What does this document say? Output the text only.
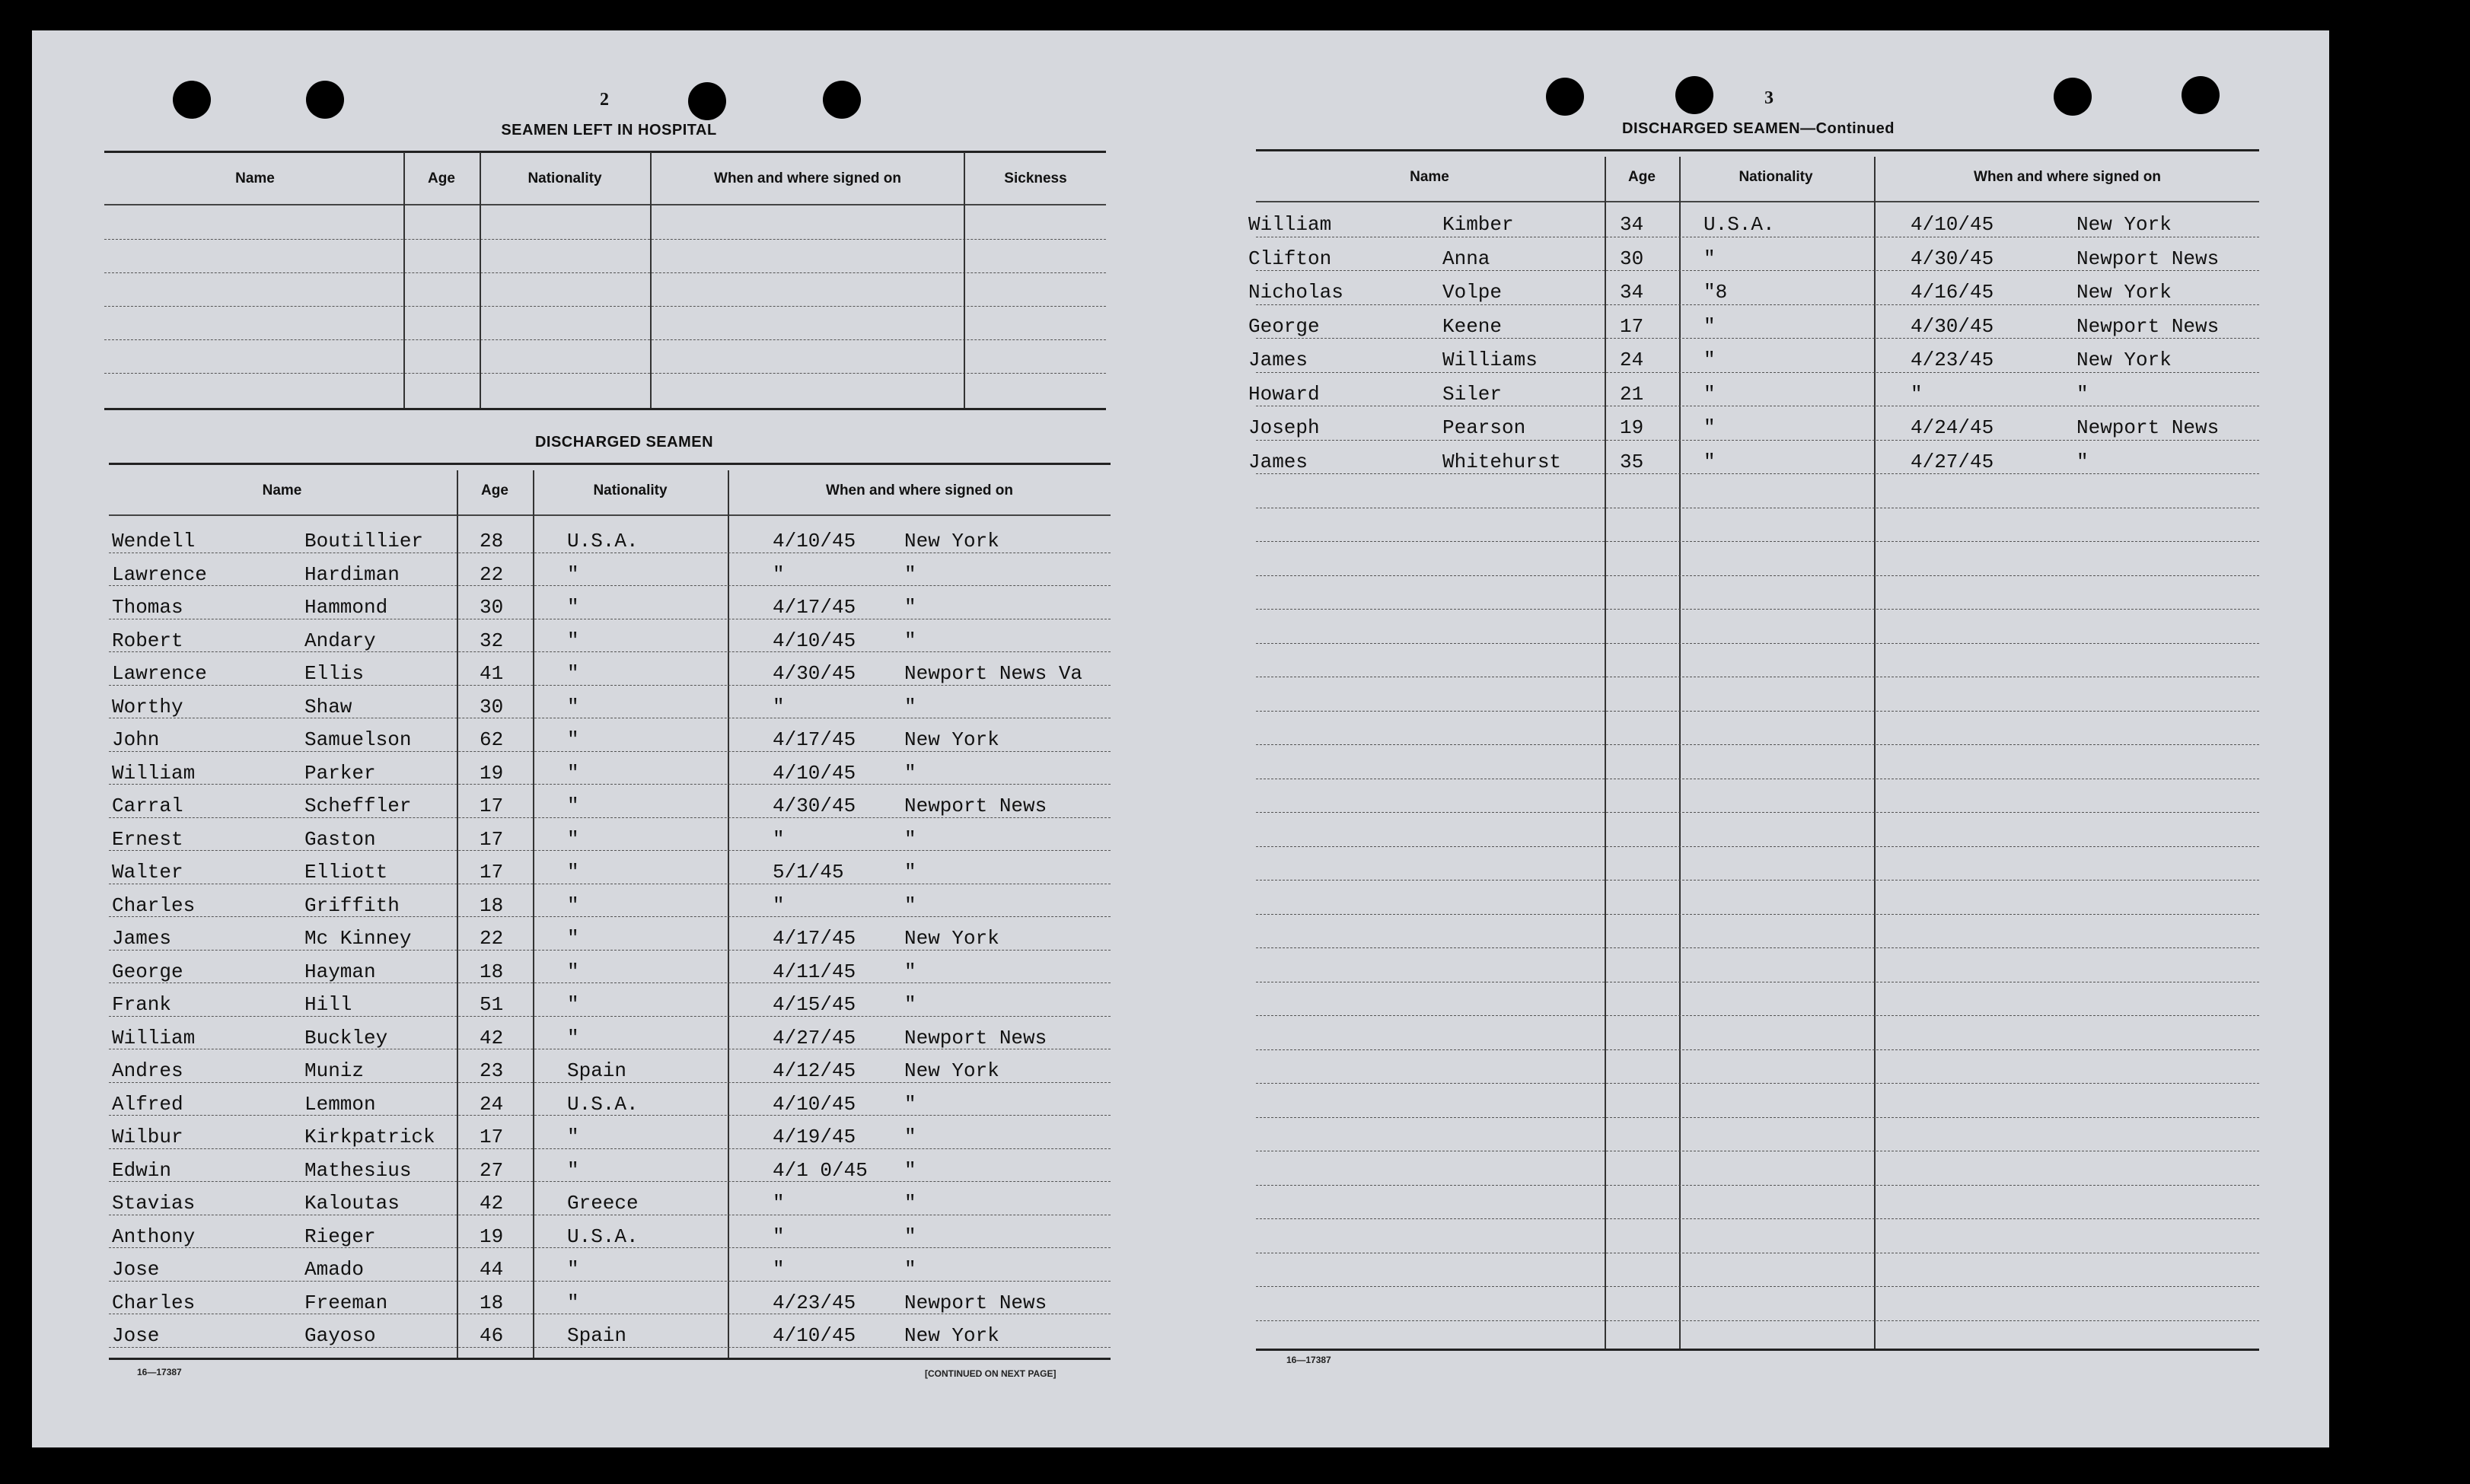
2
SEAMEN LEFT IN HOSPITAL
Name	Age	Nationality	When and where signed on	Sickness
DISCHARGED SEAMEN
Name	Age	Nationality	When and where signed on
Wendell	Boutillier	28	U.S.A.	4/10/45 New York
Lawrence	Hardiman	22	"	"	"
Thomas	Hammond	30	"	4/17/45 "
Robert	Andary	32	"	4/10/45 "
Lawrence	Ellis	41	"	4/30/45 Newport News Va
Worthy	Shaw	30	"	"	"
John	Samuelson	62	"	4/17/45 New York
William	Parker	19	"	4/10/45 "
Carral	Scheffler	17	"	4/30/45 Newport News
Ernest	Gaston	17	"	"	"
Walter	Elliott	17	"	5/1/45	"
Charles	Griffith	18	"	"	"
James	Mc Kinney	22	"	4/17/45 New York
George	Hayman	18	"	4/11/45 "
Frank	Hill	51	"	4/15/45 "
William	Buckley	42	"	4/27/45 Newport News
Andres	Muniz	23	Spain	4/12/45 New York
Alfred	Lemmon	24	U.S.A.	4/10/45 "
Wilbur	Kirkpatrick 17	"	4/19/45 "
Edwin	Mathesius	27	"	4/1 0/45 "
Stavias	Kaloutas	42	Greece	"	"
Anthony	Rieger	19	U.S.A.	"	"
Jose	Amado	44	"	"	"
Charles	Freeman	18	"	4/23/45 Newport News
Jose	Gayoso	46	Spain	4/10/45 New York
16—17387	[CONTINUED ON NEXT PAGE]
3
DISCHARGED SEAMEN—Continued
Name	Age	Nationality	When and where signed on
William	Kimber	34	U.S.A.	4/10/45	New York
Clifton	Anna	30	"	4/30/45	Newport News
Nicholas	Volpe	34	"8	4/16/45	New York
George	Keene	17	"	4/30/45	Newport News
James	Williams	24	"	4/23/45	New York
Howard	Siler	21	"	"	"
Joseph	Pearson	19	"	4/24/45	Newport News
James	Whitehurst	35	"	4/27/45	"
16—17387
